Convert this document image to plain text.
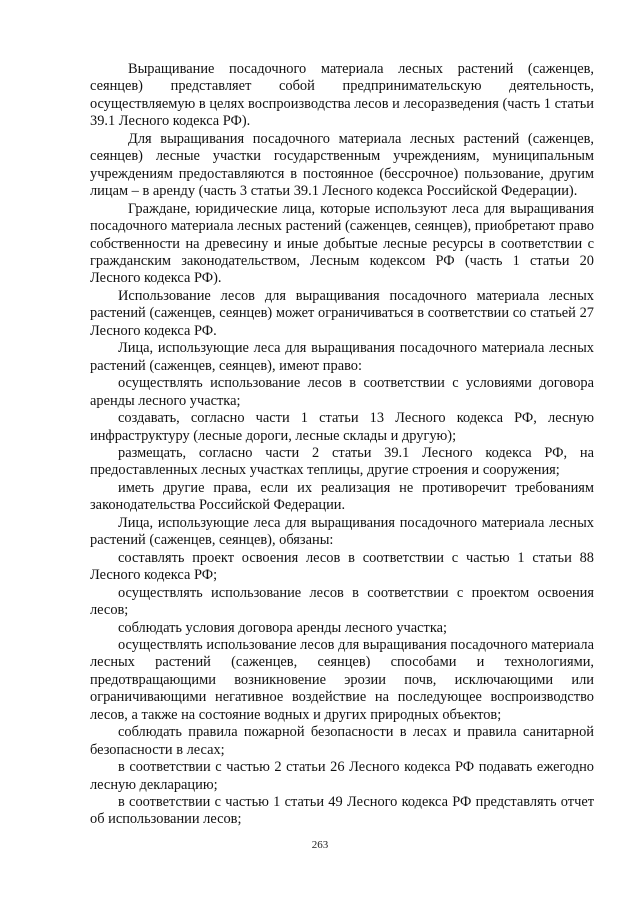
Выращивание посадочного материала лесных растений (саженцев, сеянцев) представляет собой предпринимательскую деятельность, осуществляемую в целях воспроизводства лесов и лесоразведения (часть 1 статьи 39.1 Лесного кодекса РФ).

Для выращивания посадочного материала лесных растений (саженцев, сеянцев) лесные участки государственным учреждениям, муниципальным учреждениям предоставляются в постоянное (бессрочное) пользование, другим лицам – в аренду (часть 3 статьи 39.1 Лесного кодекса Российской Федерации).

Граждане, юридические лица, которые используют леса для выращивания посадочного материала лесных растений (саженцев, сеянцев), приобретают право собственности на древесину и иные добытые лесные ресурсы в соответствии с гражданским законодательством, Лесным кодексом РФ (часть 1 статьи 20 Лесного кодекса РФ).

Использование лесов для выращивания посадочного материала лесных растений (саженцев, сеянцев) может ограничиваться в соответствии со статьей 27 Лесного кодекса РФ.

Лица, использующие леса для выращивания посадочного материала лесных растений (саженцев, сеянцев), имеют право:

осуществлять использование лесов в соответствии с условиями договора аренды лесного участка;

создавать, согласно части 1 статьи 13 Лесного кодекса РФ, лесную инфраструктуру (лесные дороги, лесные склады и другую);

размещать, согласно части 2 статьи 39.1 Лесного кодекса РФ, на предоставленных лесных участках теплицы, другие строения и сооружения;

иметь другие права, если их реализация не противоречит требованиям законодательства Российской Федерации.

Лица, использующие леса для выращивания посадочного материала лесных растений (саженцев, сеянцев), обязаны:

составлять проект освоения лесов в соответствии с частью 1 статьи 88 Лесного кодекса РФ;

осуществлять использование лесов в соответствии с проектом освоения лесов;

соблюдать условия договора аренды лесного участка;

осуществлять использование лесов для выращивания посадочного материала лесных растений (саженцев, сеянцев) способами и технологиями, предотвращающими возникновение эрозии почв, исключающими или ограничивающими негативное воздействие на последующее воспроизводство лесов, а также на состояние водных и других природных объектов;

соблюдать правила пожарной безопасности в лесах и правила санитарной безопасности в лесах;

в соответствии с частью 2 статьи 26 Лесного кодекса РФ подавать ежегодно лесную декларацию;

в соответствии с частью 1 статьи 49 Лесного кодекса РФ представлять отчет об использовании лесов;

263
